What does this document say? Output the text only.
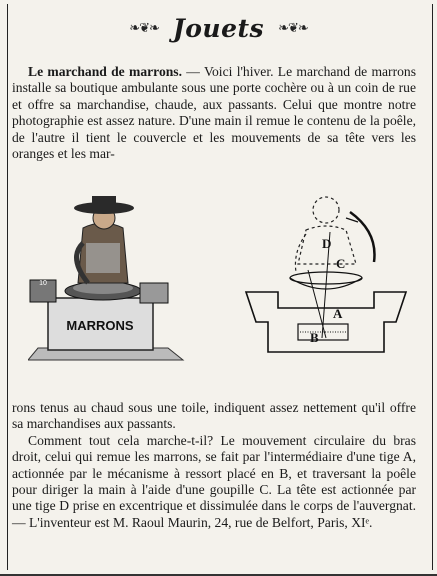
❧❦❧ Jouets ❧❦❧

Le marchand de marrons. — Voici l'hiver. Le marchand de marrons installe sa boutique ambulante sous une porte cochère ou à un coin de rue et offre sa marchandise, chaude, aux passants. Celui que montre notre photographie est assez nature. D'une main il remue le contenu de la poêle, de l'autre il tient le couvercle et les mouvements de sa tête vers les oranges et les mar-

MARRONS
10
D
C
A
B

rons tenus au chaud sous une toile, indiquent assez nettement qu'il offre sa marchandises aux passants.

Comment tout cela marche-t-il? Le mouvement circulaire du bras droit, celui qui remue les marrons, se fait par l'intermédiaire d'une tige A, actionnée par le mécanisme à ressort placé en B, et traversant la poêle pour diriger la main à l'aide d'une goupille C. La tête est actionnée par une tige D prise en excentrique et dissimulée dans le corps de l'auvergnat. — L'inventeur est M. Raoul Maurin, 24, rue de Belfort, Paris, XIᵉ.
